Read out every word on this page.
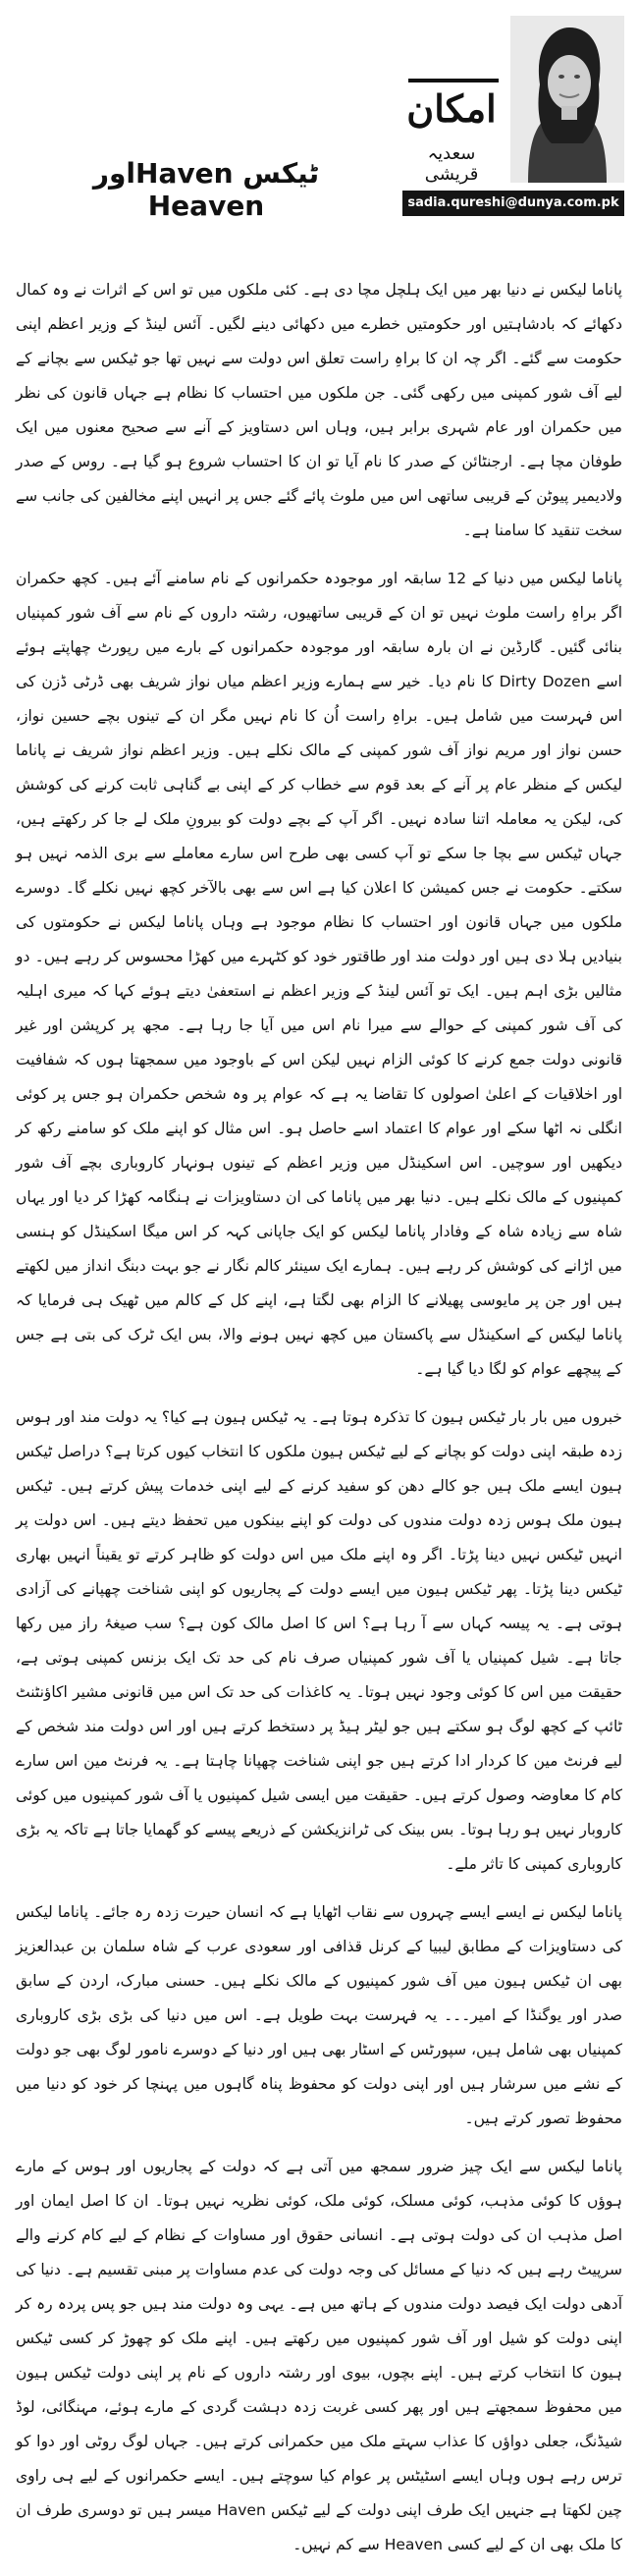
ٹیکس Havenاور Heaven
امکان
سعدیہ قریشی
sadia.qureshi@dunya.com.pk

پاناما لیکس نے دنیا بھر میں ایک ہلچل مچا دی ہے۔ کئی ملکوں میں تو اس کے اثرات نے وہ کمال دکھائے کہ بادشاہتیں اور حکومتیں خطرے میں دکھائی دینے لگیں۔ آئس لینڈ کے وزیر اعظم اپنی حکومت سے گئے۔ اگر چہ ان کا براہِ راست تعلق اس دولت سے نہیں تھا جو ٹیکس سے بچانے کے لیے آف شور کمپنی میں رکھی گئی۔ جن ملکوں میں احتساب کا نظام ہے جہاں قانون کی نظر میں حکمران اور عام شہری برابر ہیں، وہاں اس دستاویز کے آنے سے صحیح معنوں میں ایک طوفان مچا ہے۔ ارجنٹائن کے صدر کا نام آیا تو ان کا احتساب شروع ہو گیا ہے۔ روس کے صدر ولادیمیر پیوٹن کے قریبی ساتھی اس میں ملوث پائے گئے جس پر انہیں اپنے مخالفین کی جانب سے سخت تنقید کا سامنا ہے۔

پاناما لیکس میں دنیا کے 12 سابقہ اور موجودہ حکمرانوں کے نام سامنے آئے ہیں۔ کچھ حکمران اگر براہِ راست ملوث نہیں تو ان کے قریبی ساتھیوں، رشتہ داروں کے نام سے آف شور کمپنیاں بنائی گئیں۔ گارڈین نے ان بارہ سابقہ اور موجودہ حکمرانوں کے بارے میں رپورٹ چھاپتے ہوئے اسے Dirty Dozen کا نام دیا۔ خیر سے ہمارے وزیر اعظم میاں نواز شریف بھی ڈرٹی ڈزن کی اس فہرست میں شامل ہیں۔ براہِ راست اُن کا نام نہیں مگر ان کے تینوں بچے حسین نواز، حسن نواز اور مریم نواز آف شور کمپنی کے مالک نکلے ہیں۔ وزیر اعظم نواز شریف نے پاناما لیکس کے منظر عام پر آنے کے بعد قوم سے خطاب کر کے اپنی بے گناہی ثابت کرنے کی کوشش کی، لیکن یہ معاملہ اتنا سادہ نہیں۔ اگر آپ کے بچے دولت کو بیرونِ ملک لے جا کر رکھتے ہیں، جہاں ٹیکس سے بچا جا سکے تو آپ کسی بھی طرح اس سارے معاملے سے بری الذمہ نہیں ہو سکتے۔ حکومت نے جس کمیشن کا اعلان کیا ہے اس سے بھی بالآخر کچھ نہیں نکلے گا۔ دوسرے ملکوں میں جہاں قانون اور احتساب کا نظام موجود ہے وہاں پاناما لیکس نے حکومتوں کی بنیادیں ہلا دی ہیں اور دولت مند اور طاقتور خود کو کٹہرے میں کھڑا محسوس کر رہے ہیں۔ دو مثالیں بڑی اہم ہیں۔ ایک تو آئس لینڈ کے وزیر اعظم نے استعفیٰ دیتے ہوئے کہا کہ میری اہلیہ کی آف شور کمپنی کے حوالے سے میرا نام اس میں آیا جا رہا ہے۔ مجھ پر کرپشن اور غیر قانونی دولت جمع کرنے کا کوئی الزام نہیں لیکن اس کے باوجود میں سمجھتا ہوں کہ شفافیت اور اخلاقیات کے اعلیٰ اصولوں کا تقاضا یہ ہے کہ عوام پر وہ شخص حکمران ہو جس پر کوئی انگلی نہ اٹھا سکے اور عوام کا اعتماد اسے حاصل ہو۔ اس مثال کو اپنے ملک کو سامنے رکھ کر دیکھیں اور سوچیں۔ اس اسکینڈل میں وزیر اعظم کے تینوں ہونہار کاروباری بچے آف شور کمپنیوں کے مالک نکلے ہیں۔ دنیا بھر میں پاناما کی ان دستاویزات نے ہنگامہ کھڑا کر دیا اور یہاں شاہ سے زیادہ شاہ کے وفادار پاناما لیکس کو ایک جاپانی کہہ کر اس میگا اسکینڈل کو ہنسی میں اڑانے کی کوشش کر رہے ہیں۔ ہمارے ایک سینئر کالم نگار نے جو بہت دبنگ انداز میں لکھتے ہیں اور جن پر مایوسی پھیلانے کا الزام بھی لگتا ہے، اپنے کل کے کالم میں ٹھیک ہی فرمایا کہ پاناما لیکس کے اسکینڈل سے پاکستان میں کچھ نہیں ہونے والا، بس ایک ٹرک کی بتی ہے جس کے پیچھے عوام کو لگا دیا گیا ہے۔

خبروں میں بار بار ٹیکس ہیون کا تذکرہ ہوتا ہے۔ یہ ٹیکس ہیون ہے کیا؟ یہ دولت مند اور ہوس زدہ طبقہ اپنی دولت کو بچانے کے لیے ٹیکس ہیون ملکوں کا انتخاب کیوں کرتا ہے؟ دراصل ٹیکس ہیون ایسے ملک ہیں جو کالے دھن کو سفید کرنے کے لیے اپنی خدمات پیش کرتے ہیں۔ ٹیکس ہیون ملک ہوس زدہ دولت مندوں کی دولت کو اپنے بینکوں میں تحفظ دیتے ہیں۔ اس دولت پر انہیں ٹیکس نہیں دینا پڑتا۔ اگر وہ اپنے ملک میں اس دولت کو ظاہر کرتے تو یقیناً انہیں بھاری ٹیکس دینا پڑتا۔ پھر ٹیکس ہیون میں ایسے دولت کے پجاریوں کو اپنی شناخت چھپانے کی آزادی ہوتی ہے۔ یہ پیسہ کہاں سے آ رہا ہے؟ اس کا اصل مالک کون ہے؟ سب صیغۂ راز میں رکھا جاتا ہے۔ شیل کمپنیاں یا آف شور کمپنیاں صرف نام کی حد تک ایک بزنس کمپنی ہوتی ہے، حقیقت میں اس کا کوئی وجود نہیں ہوتا۔ یہ کاغذات کی حد تک اس میں قانونی مشیر اکاؤنٹنٹ ٹائپ کے کچھ لوگ ہو سکتے ہیں جو لیٹر ہیڈ پر دستخط کرتے ہیں اور اس دولت مند شخص کے لیے فرنٹ مین کا کردار ادا کرتے ہیں جو اپنی شناخت چھپانا چاہتا ہے۔ یہ فرنٹ مین اس سارے کام کا معاوضہ وصول کرتے ہیں۔ حقیقت میں ایسی شیل کمپنیوں یا آف شور کمپنیوں میں کوئی کاروبار نہیں ہو رہا ہوتا۔ بس بینک کی ٹرانزیکشن کے ذریعے پیسے کو گھمایا جاتا ہے تاکہ یہ بڑی کاروباری کمپنی کا تاثر ملے۔

پاناما لیکس نے ایسے ایسے چہروں سے نقاب اٹھایا ہے کہ انسان حیرت زدہ رہ جائے۔ پاناما لیکس کی دستاویزات کے مطابق لیبیا کے کرنل قذافی اور سعودی عرب کے شاہ سلمان بن عبدالعزیز بھی ان ٹیکس ہیون میں آف شور کمپنیوں کے مالک نکلے ہیں۔ حسنی مبارک، اردن کے سابق صدر اور یوگنڈا کے امیر۔۔۔ یہ فہرست بہت طویل ہے۔ اس میں دنیا کی بڑی بڑی کاروباری کمپنیاں بھی شامل ہیں، سپورٹس کے اسٹار بھی ہیں اور دنیا کے دوسرے نامور لوگ بھی جو دولت کے نشے میں سرشار ہیں اور اپنی دولت کو محفوظ پناہ گاہوں میں پہنچا کر خود کو دنیا میں محفوظ تصور کرتے ہیں۔

پاناما لیکس سے ایک چیز ضرور سمجھ میں آتی ہے کہ دولت کے پجاریوں اور ہوس کے مارے ہوؤں کا کوئی مذہب، کوئی مسلک، کوئی ملک، کوئی نظریہ نہیں ہوتا۔ ان کا اصل ایمان اور اصل مذہب ان کی دولت ہوتی ہے۔ انسانی حقوق اور مساوات کے نظام کے لیے کام کرنے والے سرپیٹ رہے ہیں کہ دنیا کے مسائل کی وجہ دولت کی عدم مساوات پر مبنی تقسیم ہے۔ دنیا کی آدھی دولت ایک فیصد دولت مندوں کے ہاتھ میں ہے۔ یہی وہ دولت مند ہیں جو پس پردہ رہ کر اپنی دولت کو شیل اور آف شور کمپنیوں میں رکھتے ہیں۔ اپنے ملک کو چھوڑ کر کسی ٹیکس ہیون کا انتخاب کرتے ہیں۔ اپنے بچوں، بیوی اور رشتہ داروں کے نام پر اپنی دولت ٹیکس ہیون میں محفوظ سمجھتے ہیں اور پھر کسی غربت زدہ دہشت گردی کے مارے ہوئے، مہنگائی، لوڈ شیڈنگ، جعلی دواؤں کا عذاب سہتے ملک میں حکمرانی کرتے ہیں۔ جہاں لوگ روٹی اور دوا کو ترس رہے ہوں وہاں ایسے اسٹیٹس پر عوام کیا سوچتے ہیں۔ ایسے حکمرانوں کے لیے ہی راوی چین لکھتا ہے جنہیں ایک طرف اپنی دولت کے لیے ٹیکس Haven میسر ہیں تو دوسری طرف ان کا ملک بھی ان کے لیے کسی Heaven سے کم نہیں۔
